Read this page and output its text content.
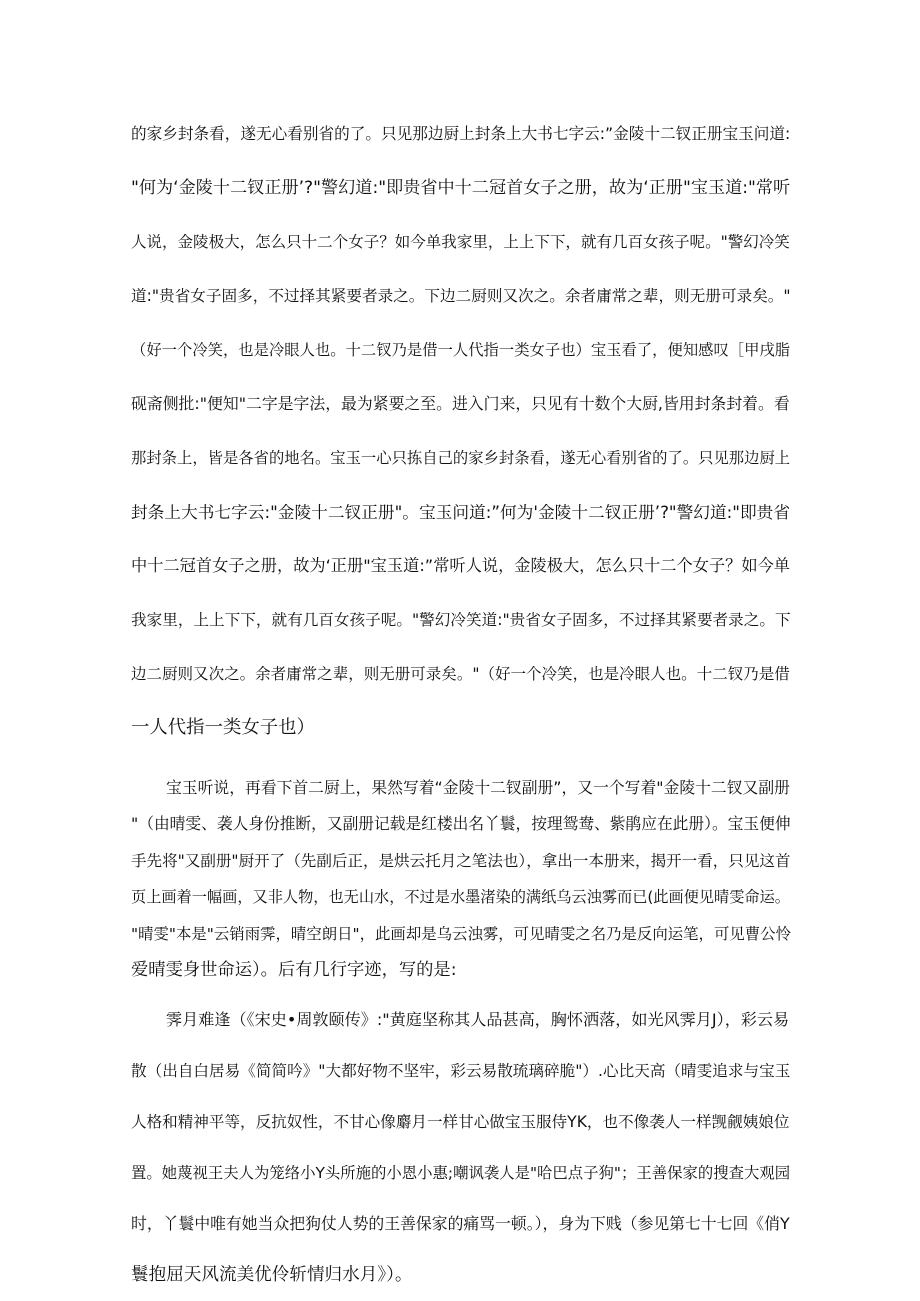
的家乡封条看，遂无心看别省的了。只见那边厨上封条上大书七字云:”金陵十二钗正册宝玉问道:
"何为‘金陵十二钗正册’?"警幻道:"即贵省中十二冠首女子之册，故为‘正册"宝玉道:"常听
人说，金陵极大，怎么只十二个女子？如今单我家里，上上下下，就有几百女孩子呢。"警幻冷笑
道:"贵省女子固多，不过择其紧要者录之。下边二厨则又次之。余者庸常之辈，则无册可录矣。"
（好一个冷笑，也是冷眼人也。十二钗乃是借一人代指一类女子也）宝玉看了，便知感叹［甲戌脂
砚斋侧批:"便知"二字是字法，最为紧要之至。进入门来，只见有十数个大厨,皆用封条封着。看
那封条上，皆是各省的地名。宝玉一心只拣自己的家乡封条看，遂无心看别省的了。只见那边厨上
封条上大书七字云:"金陵十二钗正册"。宝玉问道:”何为'金陵十二钗正册’?"警幻道:"即贵省
中十二冠首女子之册，故为‘正册"宝玉道:”常听人说，金陵极大，怎么只十二个女子？如今单
我家里，上上下下，就有几百女孩子呢。"警幻冷笑道:"贵省女子固多，不过择其紧要者录之。下
边二厨则又次之。余者庸常之辈，则无册可录矣。"（好一个冷笑，也是冷眼人也。十二钗乃是借
一人代指一类女子也）
宝玉听说，再看下首二厨上，果然写着“金陵十二钗副册”，又一个写着"金陵十二钗又副册
"（由晴雯、袭人身份推断，又副册记载是红楼出名丫鬟，按理鸳鸯、紫鹃应在此册）。宝玉便伸
手先将"又副册"厨开了（先副后正，是烘云托月之笔法也），拿出一本册来，揭开一看，只见这首
页上画着一幅画，又非人物，也无山水，不过是水墨渚染的满纸乌云浊雾而已(此画便见晴雯命运。
"晴雯"本是"云销雨霁，晴空朗日"，此画却是乌云浊雾，可见晴雯之名乃是反向运笔，可见曹公怜
爱晴雯身世命运）。后有几行字迹，写的是:
霁月难逢（《宋史•周敦颐传》:"黄庭坚称其人品甚高，胸怀洒落，如光风霁月J），彩云易
散（出自白居易《简简吟》"大都好物不坚牢，彩云易散琉璃碎脆"）.心比天高（晴雯追求与宝玉
人格和精神平等，反抗奴性，不甘心像麝月一样甘心做宝玉服侍YK，也不像袭人一样觊觎姨娘位
置。她蔑视王夫人为笼络小Y头所施的小恩小惠;嘲讽袭人是"哈巴点子狗"；王善保家的搜查大观园
时，丫鬟中唯有她当众把狗仗人势的王善保家的痛骂一顿。），身为下贱（参见第七十七回《俏Y
鬟抱屈天风流美优伶斩情归水月》）。
